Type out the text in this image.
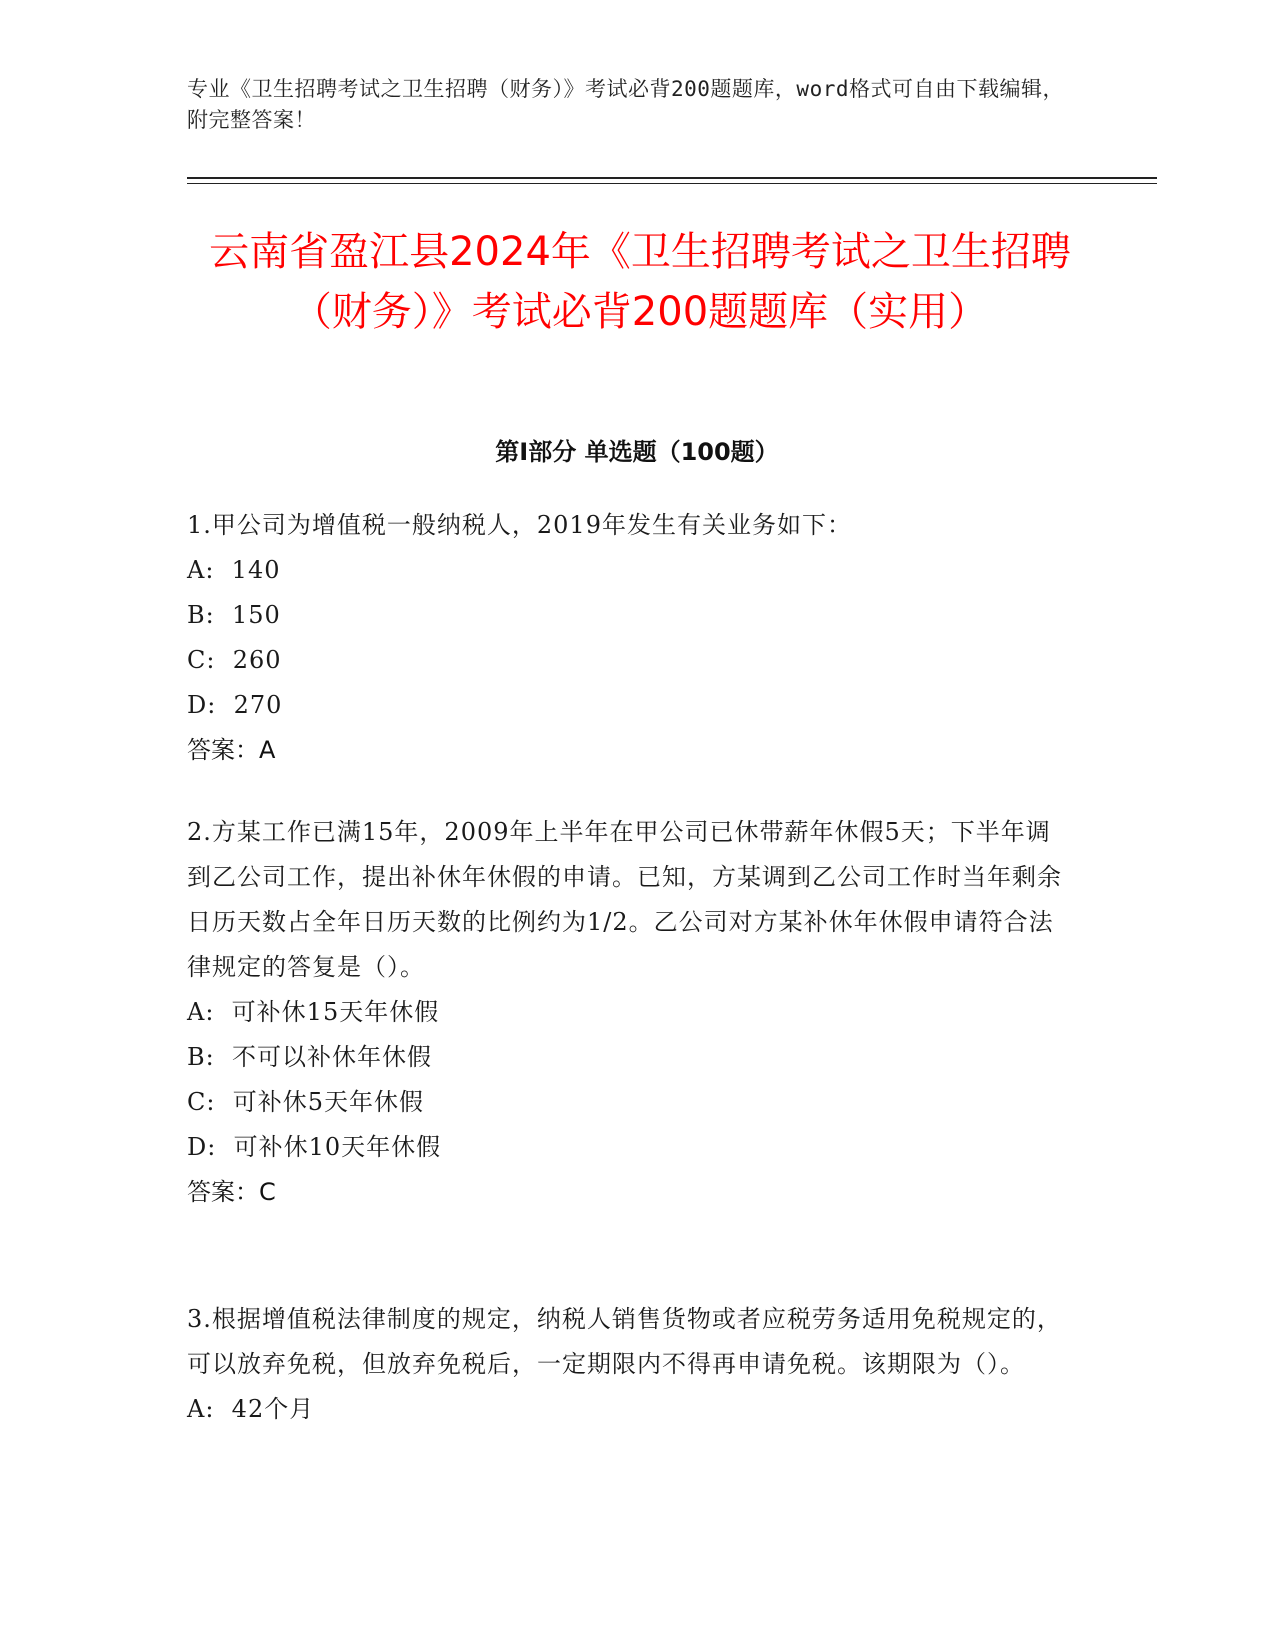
专业《卫生招聘考试之卫生招聘（财务）》考试必背200题题库，word格式可自由下载编辑，附完整答案！
云南省盈江县2024年《卫生招聘考试之卫生招聘（财务）》考试必背200题题库（实用）
第Ⅰ部分 单选题（100题）

1.甲公司为增值税一般纳税人，2019年发生有关业务如下：

A:  140

B:  150

C:  260

D:  270

答案：A

2.方某工作已满15年，2009年上半年在甲公司已休带薪年休假5天；下半年调到乙公司工作，提出补休年休假的申请。已知，方某调到乙公司工作时当年剩余日历天数占全年日历天数的比例约为1/2。乙公司对方某补休年休假申请符合法律规定的答复是（）。

A:  可补休15天年休假

B:  不可以补休年休假

C:  可补休5天年休假

D:  可补休10天年休假

答案：C

3.根据增值税法律制度的规定，纳税人销售货物或者应税劳务适用免税规定的，可以放弃免税，但放弃免税后，一定期限内不得再申请免税。该期限为（）。

A:  42个月
